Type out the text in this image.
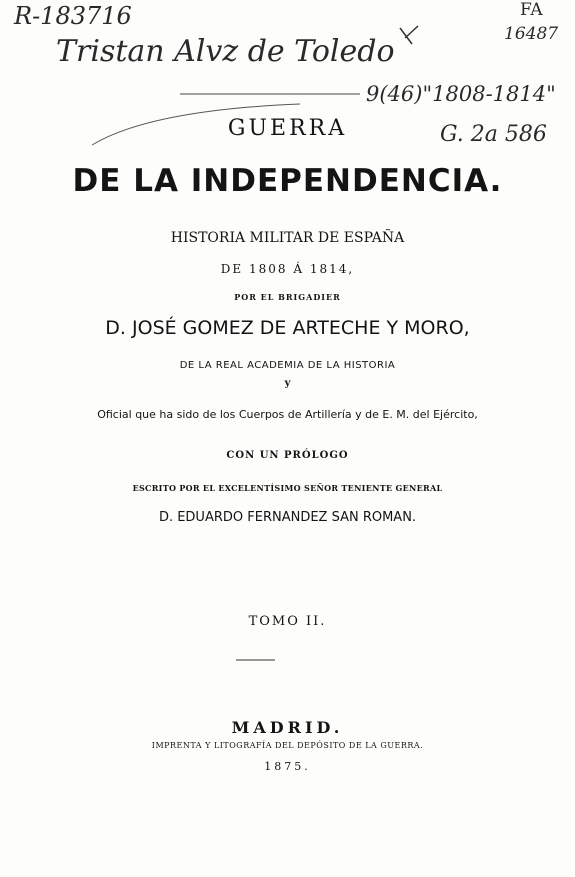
R-183716
Tristan Alvz de Toledo
9(46)"1808-1814"
G. 2a 586
FA
16487
GUERRA
DE LA INDEPENDENCIA.
HISTORIA MILITAR DE ESPAÑA
DE 1808 Á 1814,
POR EL BRIGADIER
D. JOSÉ GOMEZ DE ARTECHE Y MORO,
DE LA REAL ACADEMIA DE LA HISTORIA
y
Oficial que ha sido de los Cuerpos de Artillería y de E. M. del Ejército,
CON UN PRÓLOGO
ESCRITO POR EL EXCELENTÍSIMO SEÑOR TENIENTE GENERAL
D. EDUARDO FERNANDEZ SAN ROMAN.
TOMO II.
MADRID.
IMPRENTA Y LITOGRAFÍA DEL DEPÓSITO DE LA GUERRA.
1875.
